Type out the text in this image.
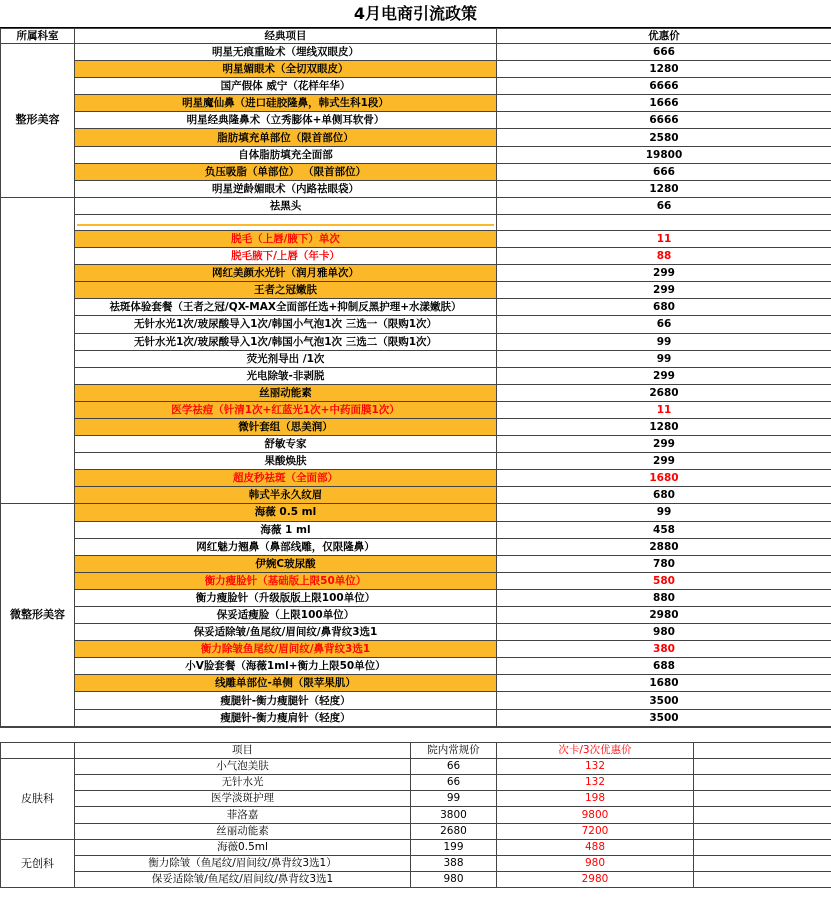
4月电商引流政策
所属科室	经典项目	优惠价
整形美容	明星无痕重睑术（埋线双眼皮）	666
	明星媚眼术（全切双眼皮）	1280
	国产假体 威宁（花样年华）	6666
	明星魔仙鼻（进口硅胶隆鼻，韩式生科1段）	1666
	明星经典隆鼻术（立秀膨体+单侧耳软骨）	6666
	脂肪填充单部位（限首部位）	2580
	自体脂肪填充全面部	19800
	负压吸脂（单部位） （限首部位）	666
	明星逆龄媚眼术（内路祛眼袋）	1280
	祛黑头	66

	脱毛（上唇/腋下）单次	11
	脱毛腋下/上唇（年卡）	88
	网红美颜水光针（润月雅单次）	299
	王者之冠嫩肤	299
	祛斑体验套餐（王者之冠/QX-MAX全面部任选+抑制反黑护理+水漾嫩肤）	680
	无针水光1次/玻尿酸导入1次/韩国小气泡1次 三选一（限购1次）	66
	无针水光1次/玻尿酸导入1次/韩国小气泡1次 三选二（限购1次）	99
	荧光剂导出 /1次	99
	光电除皱-非剥脱	299
	丝丽动能素	2680
	医学祛痘（针清1次+红蓝光1次+中药面膜1次）	11
	微针套组（思美润）	1280
	舒敏专家	299
	果酸焕肤	299
	超皮秒祛斑（全面部）	1680
	韩式半永久纹眉	680
微整形美容	海薇 0.5 ml	99
	海薇 1 ml	458
	网红魅力翘鼻（鼻部线雕，仅限隆鼻）	2880
	伊婉C玻尿酸	780
	衡力瘦脸针（基础版上限50单位）	580
	衡力瘦脸针（升级版版上限100单位）	880
	保妥适瘦脸（上限100单位）	2980
	保妥适除皱/鱼尾纹/眉间纹/鼻背纹3选1	980
	衡力除皱鱼尾纹/眉间纹/鼻背纹3选1	380
	小V脸套餐（海薇1ml+衡力上限50单位）	688
	线雕单部位-单侧（限苹果肌）	1680
	瘦腿针-衡力瘦腿针（轻度）	3500
	瘦腿针-衡力瘦肩针（轻度）	3500
	项目	院内常规价	次卡/3次优惠价	
皮肤科	小气泡美肤	66	132	
	无针水光	66	132	
	医学淡斑护理	99	198	
	菲洛嘉	3800	9800	
	丝丽动能素	2680	7200	
无创科	海薇0.5ml	199	488	
	衡力除皱（鱼尾纹/眉间纹/鼻背纹3选1）	388	980	
	保妥适除皱/鱼尾纹/眉间纹/鼻背纹3选1	980	2980	
